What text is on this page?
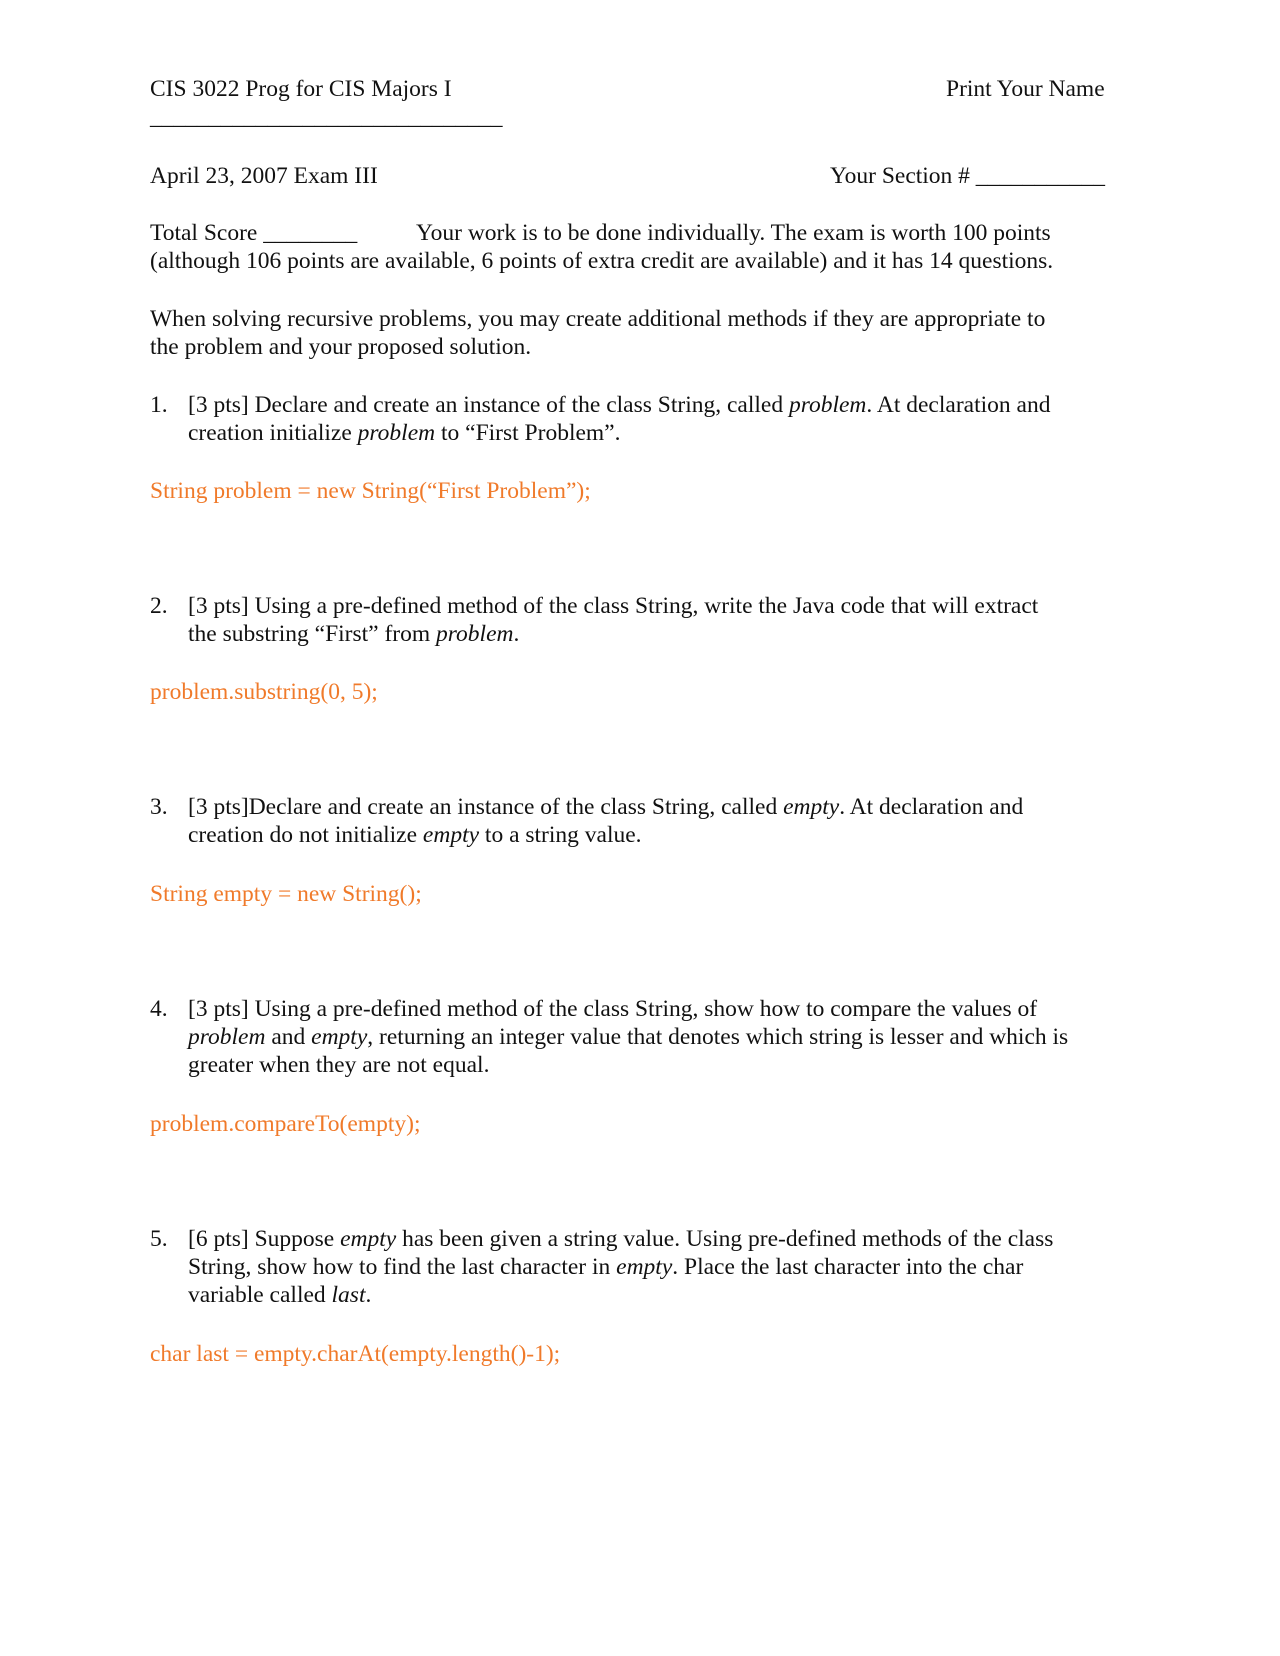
CIS 3022 Prog for CIS Majors I	Print Your Name

______________________________

April 23, 2007 Exam III	Your Section # ___________

Total Score ________	Your work is to be done individually. The exam is worth 100 points

(although 106 points are available, 6 points of extra credit are available) and it has 14 questions.

When solving recursive problems, you may create additional methods if they are appropriate to

the problem and your proposed solution.

1. [3 pts] Declare and create an instance of the class String, called problem. At declaration and

creation initialize problem to “First Problem”.

String problem = new String(“First Problem”);

2. [3 pts] Using a pre-defined method of the class String, write the Java code that will extract

the substring “First” from problem.

problem.substring(0, 5);

3. [3 pts]Declare and create an instance of the class String, called empty. At declaration and

creation do not initialize empty to a string value.

String empty = new String();

4. [3 pts] Using a pre-defined method of the class String, show how to compare the values of

problem and empty, returning an integer value that denotes which string is lesser and which is

greater when they are not equal.

problem.compareTo(empty);

5. [6 pts] Suppose empty has been given a string value. Using pre-defined methods of the class

String, show how to find the last character in empty. Place the last character into the char

variable called last.

char last = empty.charAt(empty.length()-1);
